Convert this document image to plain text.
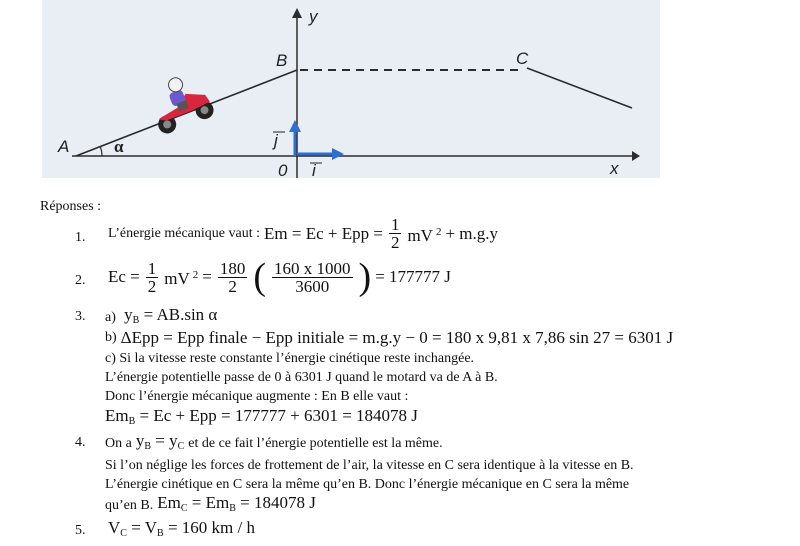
y
B	C
A	α	j
0 i	x
Réponses :
1. L’énergie mécanique vaut : Em = Ec + Epp = $\frac{1}{2}$ mV $^2$ + m.g.y
2. $Ec = \frac{1}{2}$ mV $^2 = \frac{180}{2}$ ( $\frac{160 x 1000}{3600}$ ) = 177777 J
3. a) $y_B = AB.\sin$ α
b) ΔEpp = Epp finale − Epp initiale = m.g.y − 0 = 180 x 9,81 x 7,86 sin 27 = 6301 J
c) Si la vitesse reste constante l’énergie cinétique reste inchangée.
L’énergie potentielle passe de 0 à 6301 J quand le motard va de A à B.
Donc l’énergie mécanique augmente : En B elle vaut :
$Em_B = Ec$ + Epp = 177777 + 6301 = 184078 J
4. On a $y_B = y_C$ et de ce fait l’énergie potentielle est la même.
Si l’on néglige les forces de frottement de l’air, la vitesse en C sera identique à la vitesse en B.
L’énergie cinétique en C sera la même qu’en B. Donc l’énergie mécanique en C sera la même
qu’en B. $Em_C = Em_B = 184078$ J
5. $V_C = V_B = 160$ km / h
